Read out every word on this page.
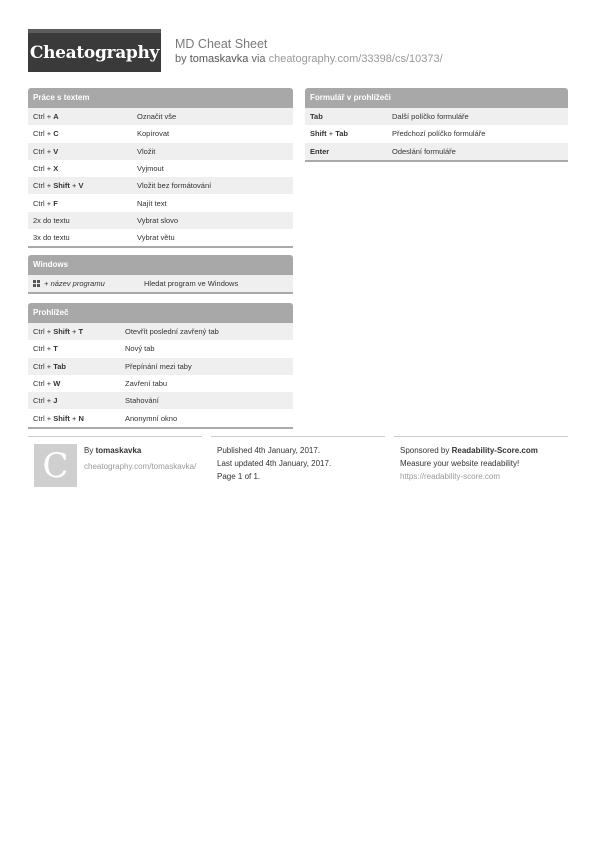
Cheatography MD Cheat Sheet
by tomaskavka via cheatography.com/33398/cs/10373/
Práce s textem
Ctrl + A	Označit vše
Ctrl + C	Kopírovat
Ctrl + V	Vložit
Ctrl + X	Vyjmout
Ctrl + Shift + V	Vložit bez formátování
Ctrl + F	Najít text
2x do textu	Vybrat slovo
3x do textu	Vybrat větu
Windows
+ název programu	Hledat program ve Windows
Prohlížeč
Ctrl + Shift + T	Otevřít poslední zavřený tab
Ctrl + T	Nový tab
Ctrl + Tab	Přepínání mezi taby
Ctrl + W	Zavření tabu
Ctrl + J	Stahování
Ctrl + Shift + N	Anonymní okno
Formulář v prohlížeči
Tab	Další políčko formuláře
Shift + Tab	Předchozí políčko formuláře
Enter	Odeslání formuláře
C By tomaskavka
cheatography.com/tomaskavka/
Published 4th January, 2017.
Last updated 4th January, 2017.
Page 1 of 1.
Sponsored by Readability-Score.com
Measure your website readability!
https://readability-score.com
